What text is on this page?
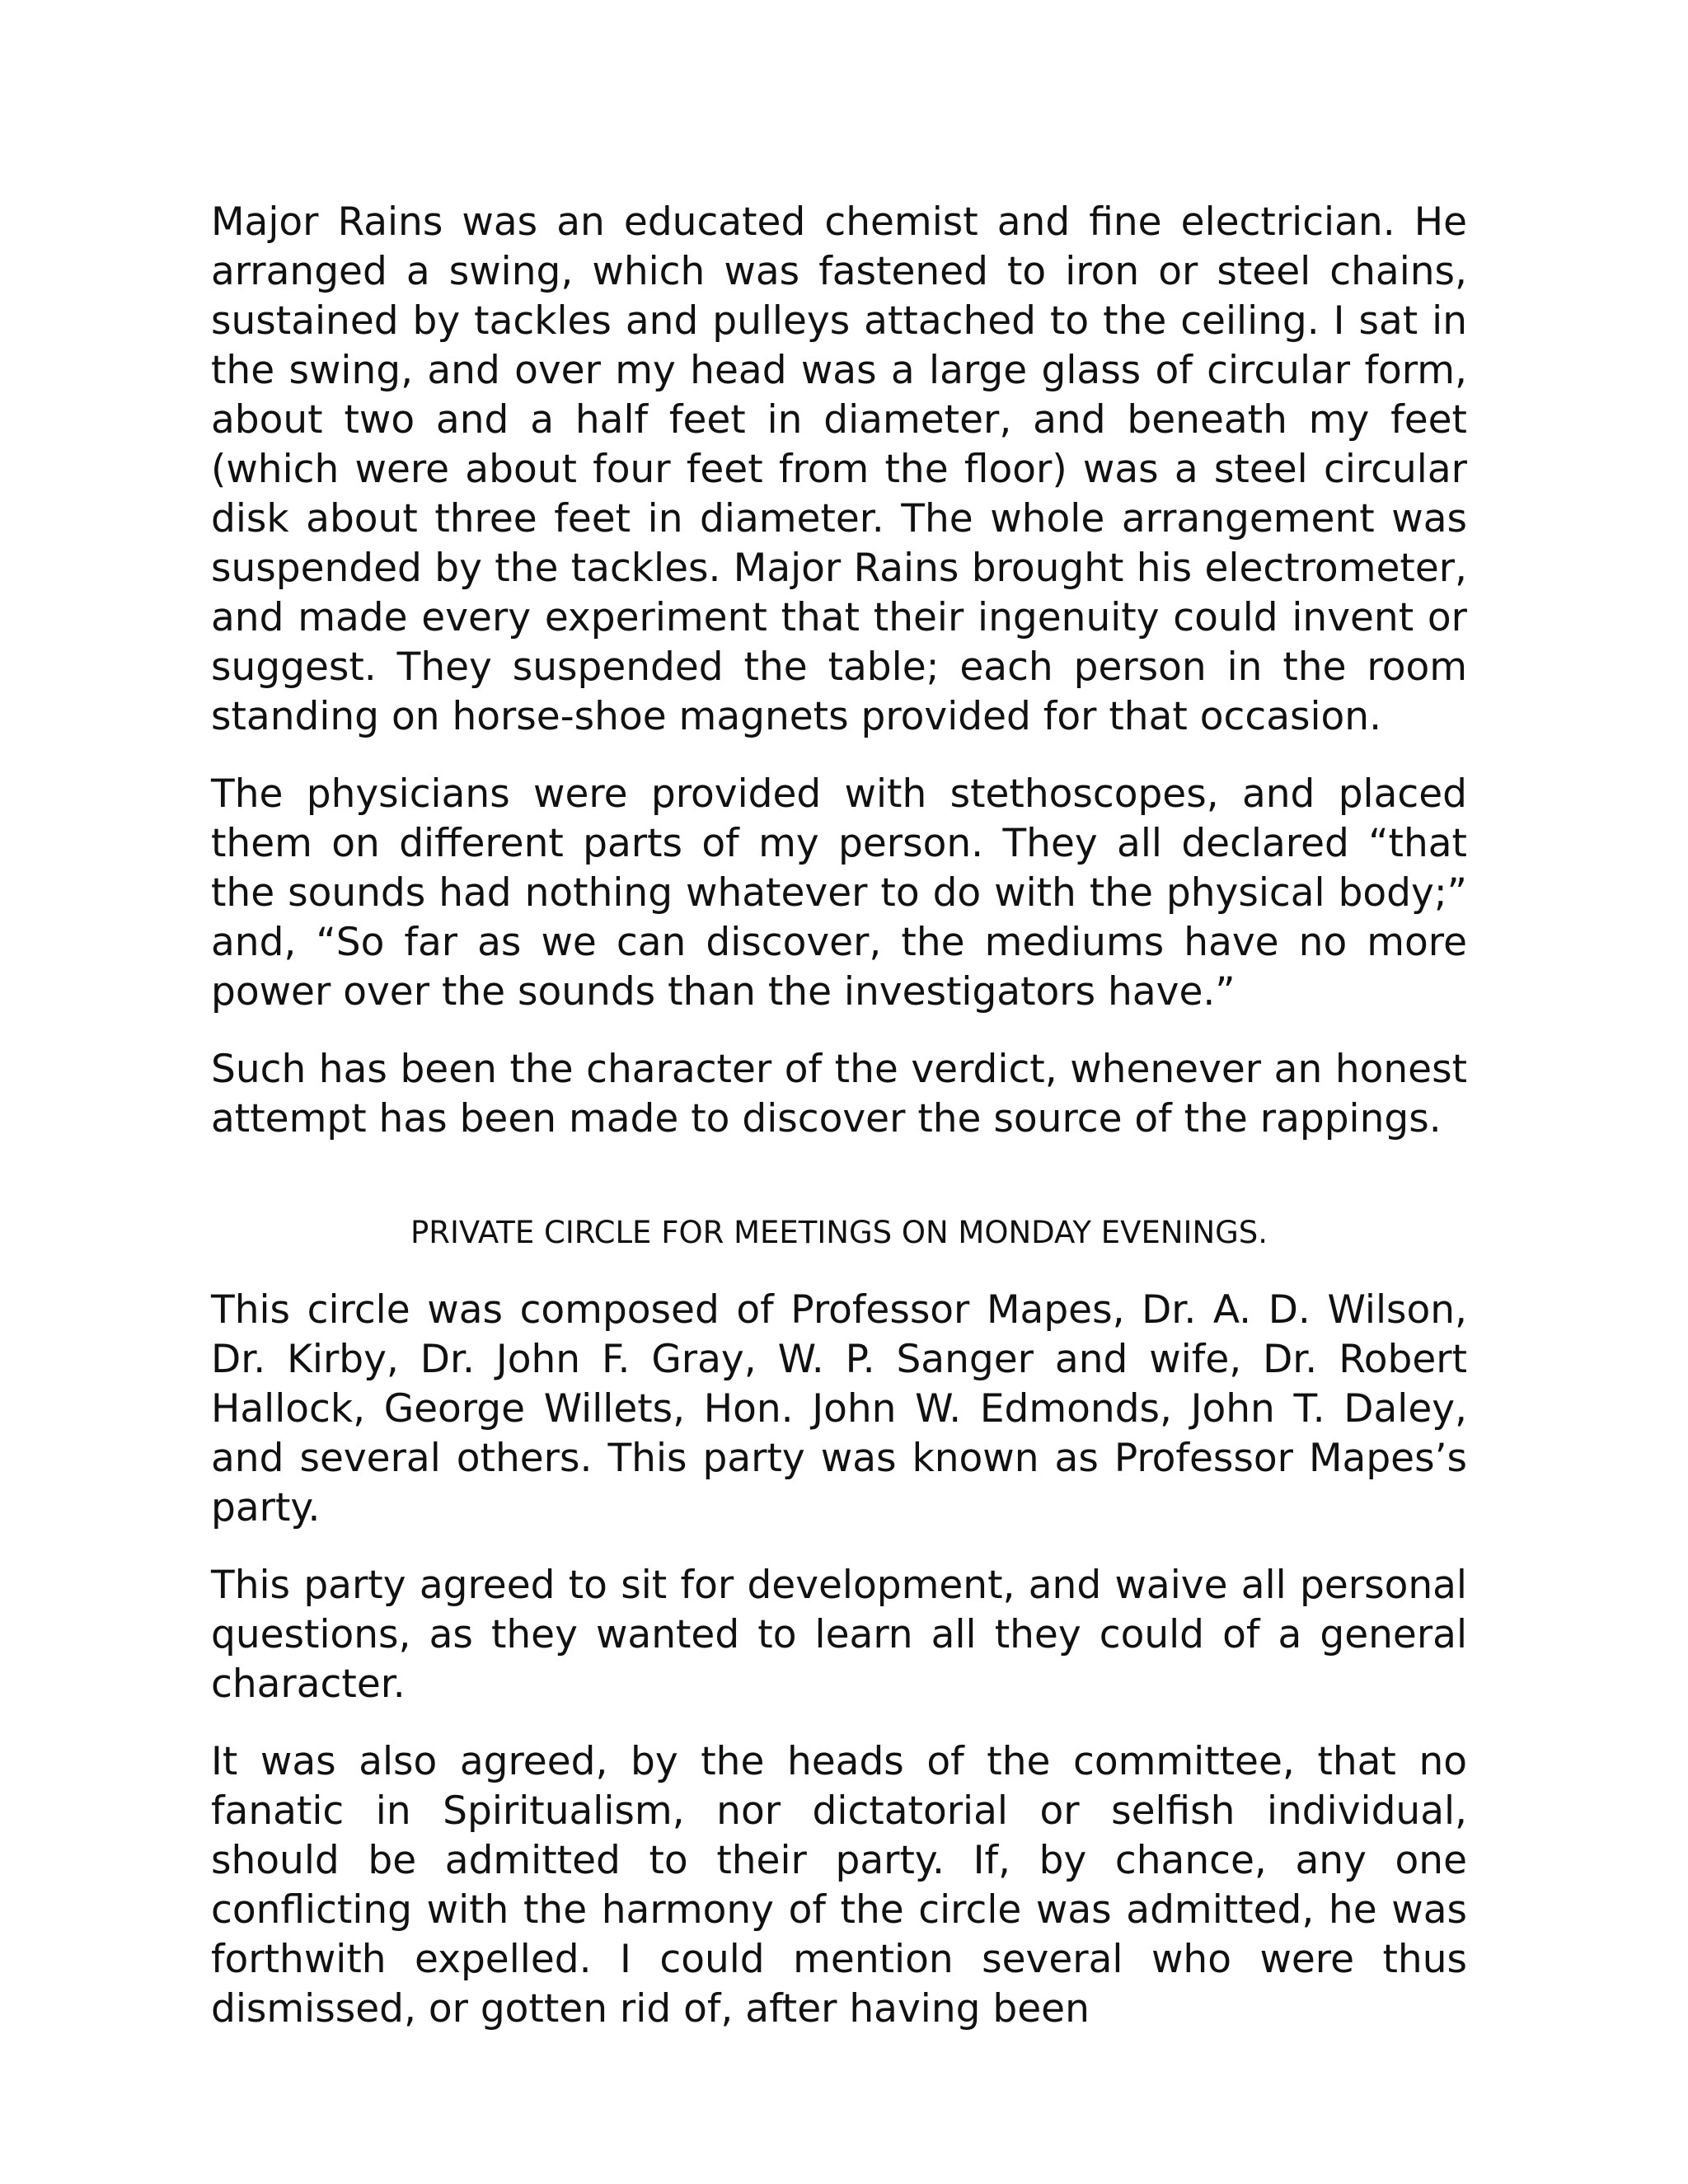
Major Rains was an educated chemist and fine electrician. He arranged a swing, which was fastened to iron or steel chains, sustained by tackles and pulleys attached to the ceiling. I sat in the swing, and over my head was a large glass of circular form, about two and a half feet in diameter, and beneath my feet (which were about four feet from the floor) was a steel circular disk about three feet in diameter. The whole arrangement was suspended by the tackles. Major Rains brought his electrometer, and made every experiment that their ingenuity could invent or suggest. They suspended the table; each person in the room standing on horse-shoe magnets provided for that occasion.

The physicians were provided with stethoscopes, and placed them on different parts of my person. They all declared “that the sounds had nothing whatever to do with the physical body;” and, “So far as we can discover, the mediums have no more power over the sounds than the investigators have.”

Such has been the character of the verdict, whenever an honest attempt has been made to discover the source of the rappings.

PRIVATE CIRCLE FOR MEETINGS ON MONDAY EVENINGS.

This circle was composed of Professor Mapes, Dr. A. D. Wilson, Dr. Kirby, Dr. John F. Gray, W. P. Sanger and wife, Dr. Robert Hallock, George Willets, Hon. John W. Edmonds, John T. Daley, and several others. This party was known as Professor Mapes’s party.

This party agreed to sit for development, and waive all personal questions, as they wanted to learn all they could of a general character.

It was also agreed, by the heads of the committee, that no fanatic in Spiritualism, nor dictatorial or selfish individual, should be admitted to their party. If, by chance, any one conflicting with the harmony of the circle was admitted, he was forthwith expelled. I could mention several who were thus dismissed, or gotten rid of, after having been
